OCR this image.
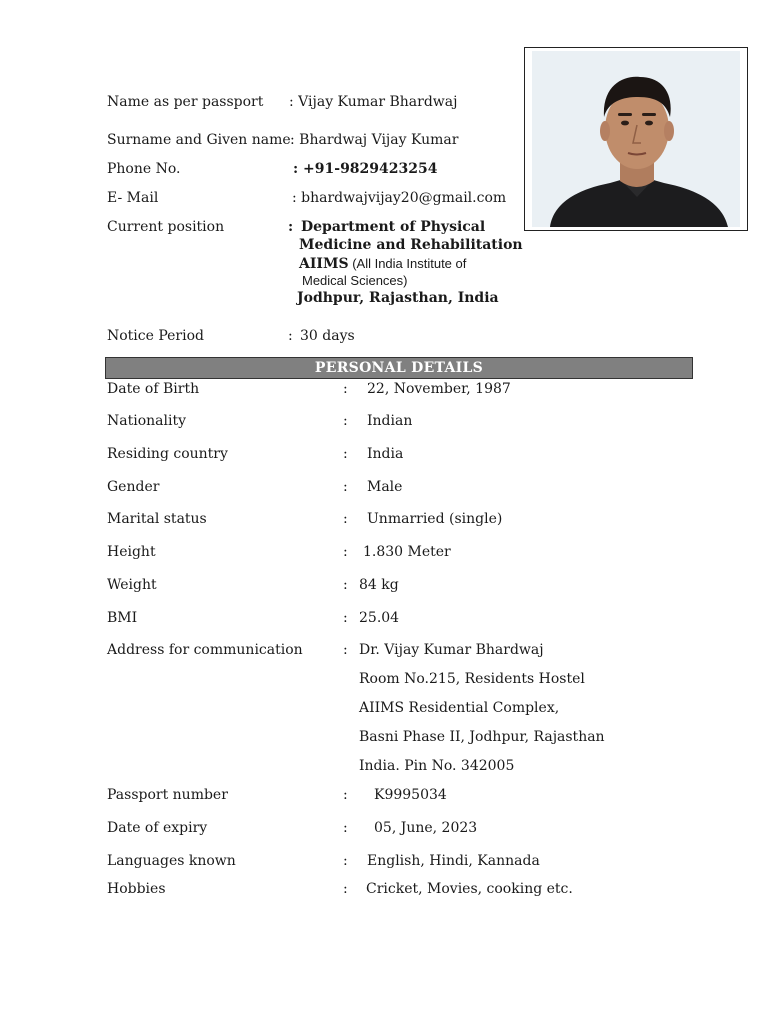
Name as per passport : Vijay Kumar Bhardwaj
Surname and Given name : Bhardwaj Vijay Kumar
Phone No.	: +91-9829423254
E- Mail	: bhardwajvijay20@gmail.com
Current position	: Department of Physical
Medicine and Rehabilitation
AIIMS (All India Institute of
Medical Sciences)
Jodhpur, Rajasthan, India
Notice Period	: 30 days
PERSONAL DETAILS
Date of Birth	: 22, November, 1987
Nationality	: Indian
Residing country	: India
Gender	: Male
Marital status	: Unmarried (single)
Height	: 1.830 Meter
Weight	: 84 kg
BMI	: 25.04
Address for communication	: Dr. Vijay Kumar Bhardwaj
Room No.215, Residents Hostel
AIIMS Residential Complex,
Basni Phase II, Jodhpur, Rajasthan
India. Pin No. 342005
Passport number	: K9995034
Date of expiry	: 05, June, 2023
Languages known	: English, Hindi, Kannada
Hobbies	: Cricket, Movies, cooking etc.
